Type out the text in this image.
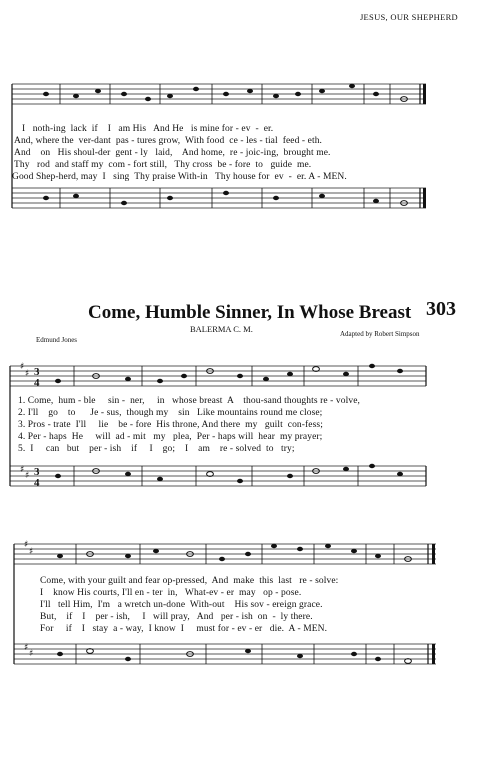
JESUS, OUR SHEPHERD
3
4
3
4
♯
♯
♯
♯
♯
♯
♯
♯
I   noth-ing  lack  if    I   am His   And He   is mine for - ev  -  er.
And, where the  ver-dant  pas - tures grow,  With food  ce - les - tial  feed - eth.
And    on   His shoul-der  gent - ly   laid,    And home,  re - joic-ing,  brought me.
Thy   rod  and staff my  com - fort still,   Thy cross  be - fore  to   guide  me.
Good Shep-herd, may  I   sing  Thy praise With-in   Thy house for  ev  -  er. A - MEN.
Come, Humble Sinner, In Whose Breast 303
BALERMA C. M.
Edmund Jones
Adapted by Robert Simpson
1. Come,  hum - ble     sin -  ner,     in   whose breast  A    thou-sand thoughts re - volve,
2. I'll    go    to      Je - sus,  though my    sin   Like mountains round me close;
3. Pros - trate  I'll     lie    be - fore  His throne, And there  my   guilt  con-fess;
4. Per - haps  He     will  ad - mit   my   plea,  Per - haps will  hear  my prayer;
5.  I     can   but    per - ish    if     I    go;    I    am    re - solved  to   try;
Come, with your guilt and fear op-pressed,  And  make  this  last   re - solve:
I    know His courts, I'll en - ter  in,   What-ev - er  may   op - pose.
I'll   tell Him,  I'm   a wretch un-done  With-out    His sov - ereign grace.
But,    if    I    per - ish,     I   will pray,   And   per - ish  on  -  ly there.
For     if    I   stay  a - way,  I know  I     must for - ev - er   die.  A - MEN.
